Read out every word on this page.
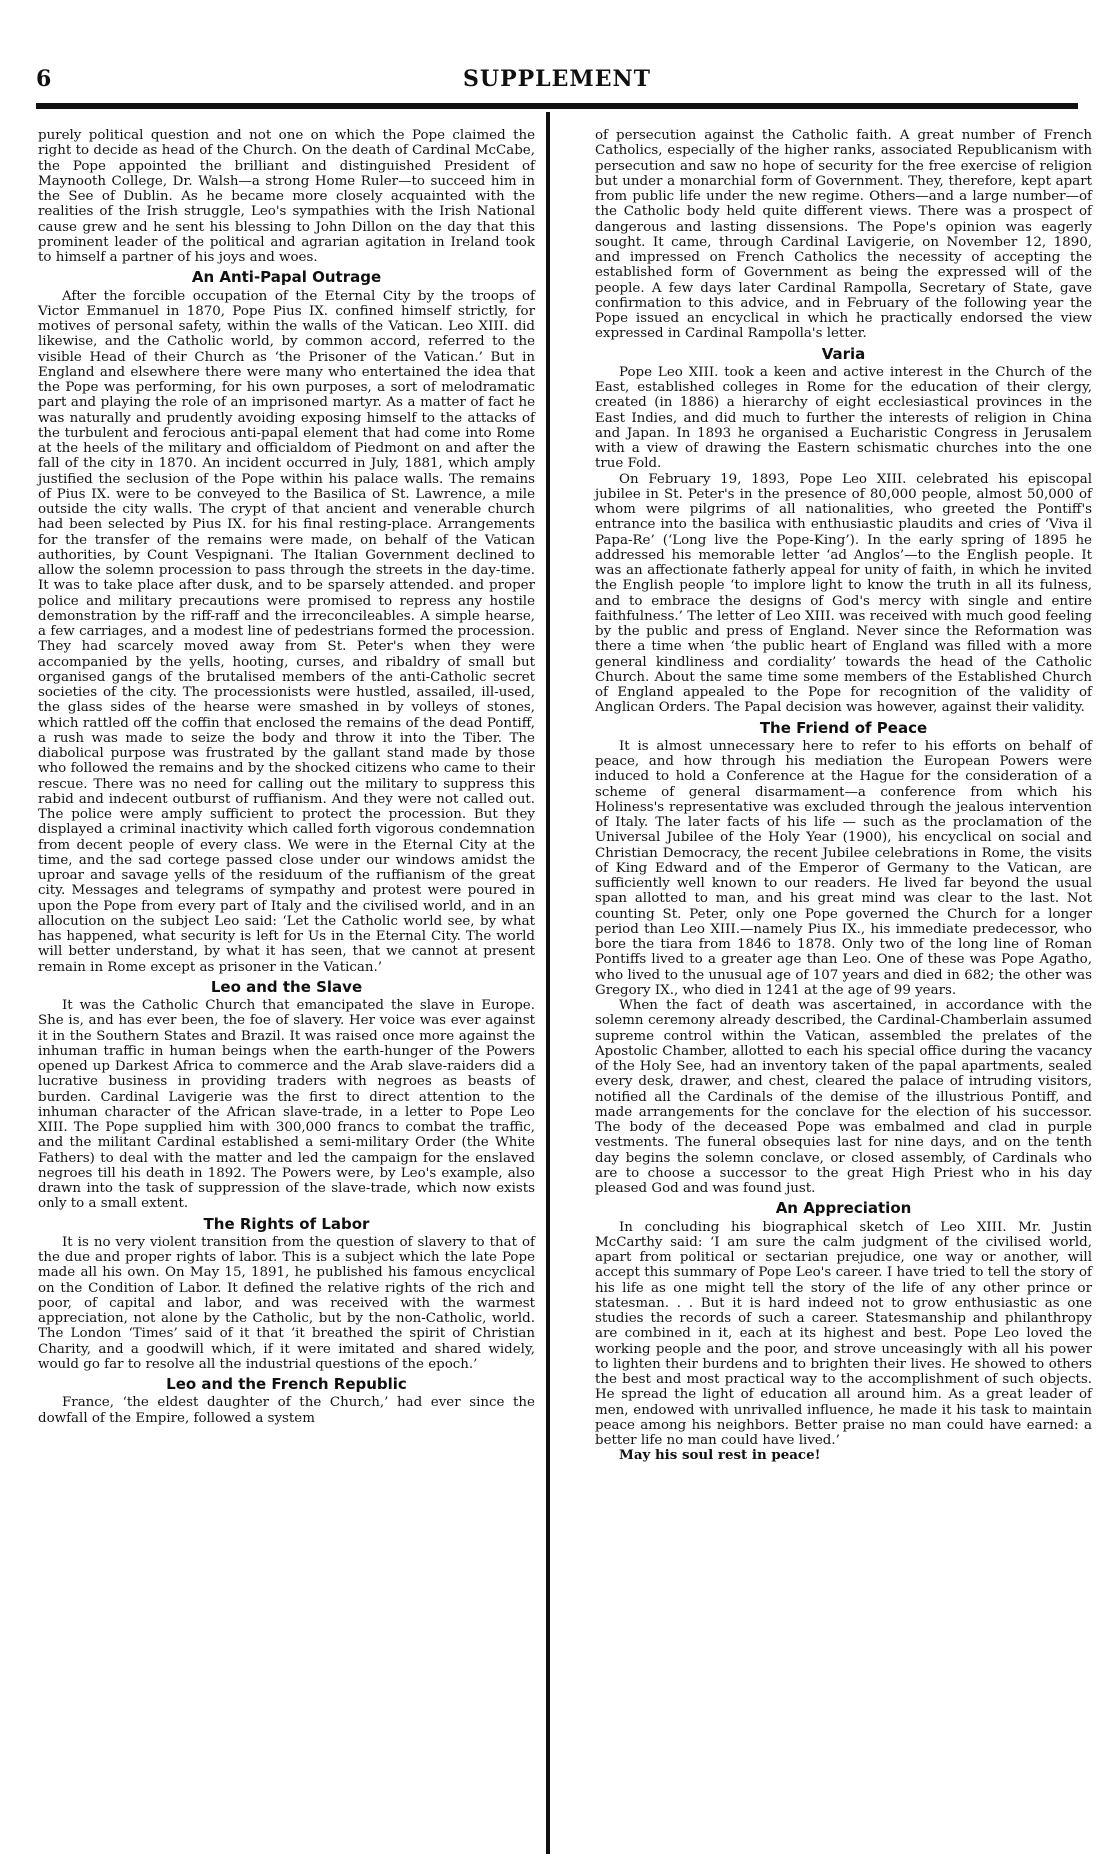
6	SUPPLEMENT

purely political question and not one on which the Pope claimed the right to decide as head of the Church. On the death of Cardinal McCabe, the Pope appointed the brilliant and distinguished President of Maynooth College, Dr. Walsh—a strong Home Ruler—to succeed him in the See of Dublin. As he became more closely acquainted with the realities of the Irish struggle, Leo's sympathies with the Irish National cause grew and he sent his blessing to John Dillon on the day that this prominent leader of the political and agrarian agitation in Ireland took to himself a partner of his joys and woes.

An Anti-Papal Outrage

After the forcible occupation of the Eternal City by the troops of Victor Emmanuel in 1870, Pope Pius IX. confined himself strictly, for motives of personal safety, within the walls of the Vatican. Leo XIII. did likewise, and the Catholic world, by common accord, referred to the visible Head of their Church as ‘the Prisoner of the Vatican.’ But in England and elsewhere there were many who entertained the idea that the Pope was performing, for his own purposes, a sort of melodramatic part and playing the role of an imprisoned martyr. As a matter of fact he was naturally and prudently avoiding exposing himself to the attacks of the turbulent and ferocious anti-papal element that had come into Rome at the heels of the military and officialdom of Piedmont on and after the fall of the city in 1870. An incident occurred in July, 1881, which amply justified the seclusion of the Pope within his palace walls. The remains of Pius IX. were to be conveyed to the Basilica of St. Lawrence, a mile outside the city walls. The crypt of that ancient and venerable church had been selected by Pius IX. for his final resting-place. Arrangements for the transfer of the remains were made, on behalf of the Vatican authorities, by Count Vespignani. The Italian Government declined to allow the solemn procession to pass through the streets in the day-time. It was to take place after dusk, and to be sparsely attended. and proper police and military precautions were promised to repress any hostile demonstration by the riff-raff and the irreconcileables. A simple hearse, a few carriages, and a modest line of pedestrians formed the procession. They had scarcely moved away from St. Peter's when they were accompanied by the yells, hooting, curses, and ribaldry of small but organised gangs of the brutalised members of the anti-Catholic secret societies of the city. The processionists were hustled, assailed, ill-used, the glass sides of the hearse were smashed in by volleys of stones, which rattled off the coffin that enclosed the remains of the dead Pontiff, a rush was made to seize the body and throw it into the Tiber. The diabolical purpose was frustrated by the gallant stand made by those who followed the remains and by the shocked citizens who came to their rescue. There was no need for calling out the military to suppress this rabid and indecent outburst of ruffianism. And they were not called out. The police were amply sufficient to protect the procession. But they displayed a criminal inactivity which called forth vigorous condemnation from decent people of every class. We were in the Eternal City at the time, and the sad cortege passed close under our windows amidst the uproar and savage yells of the residuum of the ruffianism of the great city. Messages and telegrams of sympathy and protest were poured in upon the Pope from every part of Italy and the civilised world, and in an allocution on the subject Leo said: ‘Let the Catholic world see, by what has happened, what security is left for Us in the Eternal City. The world will better understand, by what it has seen, that we cannot at present remain in Rome except as prisoner in the Vatican.’

Leo and the Slave

It was the Catholic Church that emancipated the slave in Europe. She is, and has ever been, the foe of slavery. Her voice was ever against it in the Southern States and Brazil. It was raised once more against the inhuman traffic in human beings when the earth-hunger of the Powers opened up Darkest Africa to commerce and the Arab slave-raiders did a lucrative business in providing traders with negroes as beasts of burden. Cardinal Lavigerie was the first to direct attention to the inhuman character of the African slave-trade, in a letter to Pope Leo XIII. The Pope supplied him with 300,000 francs to combat the traffic, and the militant Cardinal established a semi-military Order (the White Fathers) to deal with the matter and led the campaign for the enslaved negroes till his death in 1892. The Powers were, by Leo's example, also drawn into the task of suppression of the slave-trade, which now exists only to a small extent.

The Rights of Labor

It is no very violent transition from the question of slavery to that of the due and proper rights of labor. This is a subject which the late Pope made all his own. On May 15, 1891, he published his famous encyclical on the Condition of Labor. It defined the relative rights of the rich and poor, of capital and labor, and was received with the warmest appreciation, not alone by the Catholic, but by the non-Catholic, world. The London ‘Times’ said of it that ‘it breathed the spirit of Christian Charity, and a goodwill which, if it were imitated and shared widely, would go far to resolve all the industrial questions of the epoch.’

Leo and the French Republic

France, ‘the eldest daughter of the Church,’ had ever since the dowfall of the Empire, followed a system

of persecution against the Catholic faith. A great number of French Catholics, especially of the higher ranks, associated Republicanism with persecution and saw no hope of security for the free exercise of religion but under a monarchial form of Government. They, therefore, kept apart from public life under the new regime. Others—and a large number—of the Catholic body held quite different views. There was a prospect of dangerous and lasting dissensions. The Pope's opinion was eagerly sought. It came, through Cardinal Lavigerie, on November 12, 1890, and impressed on French Catholics the necessity of accepting the established form of Government as being the expressed will of the people. A few days later Cardinal Rampolla, Secretary of State, gave confirmation to this advice, and in February of the following year the Pope issued an encyclical in which he practically endorsed the view expressed in Cardinal Rampolla's letter.

Varia

Pope Leo XIII. took a keen and active interest in the Church of the East, established colleges in Rome for the education of their clergy, created (in 1886) a hierarchy of eight ecclesiastical provinces in the East Indies, and did much to further the interests of religion in China and Japan. In 1893 he organised a Eucharistic Congress in Jerusalem with a view of drawing the Eastern schismatic churches into the one true Fold.

On February 19, 1893, Pope Leo XIII. celebrated his episcopal jubilee in St. Peter's in the presence of 80,000 people, almost 50,000 of whom were pilgrims of all nationalities, who greeted the Pontiff's entrance into the basilica with enthusiastic plaudits and cries of ‘Viva il Papa-Re’ (‘Long live the Pope-King’). In the early spring of 1895 he addressed his memorable letter ‘ad Anglos’—to the English people. It was an affectionate fatherly appeal for unity of faith, in which he invited the English people ‘to implore light to know the truth in all its fulness, and to embrace the designs of God's mercy with single and entire faithfulness.’ The letter of Leo XIII. was received with much good feeling by the public and press of England. Never since the Reformation was there a time when ‘the public heart of England was filled with a more general kindliness and cordiality’ towards the head of the Catholic Church. About the same time some members of the Established Church of England appealed to the Pope for recognition of the validity of Anglican Orders. The Papal decision was however, against their validity.

The Friend of Peace

It is almost unnecessary here to refer to his efforts on behalf of peace, and how through his mediation the European Powers were induced to hold a Conference at the Hague for the consideration of a scheme of general disarmament—a conference from which his Holiness's representative was excluded through the jealous intervention of Italy. The later facts of his life — such as the proclamation of the Universal Jubilee of the Holy Year (1900), his encyclical on social and Christian Democracy, the recent Jubilee celebrations in Rome, the visits of King Edward and of the Emperor of Germany to the Vatican, are sufficiently well known to our readers. He lived far beyond the usual span allotted to man, and his great mind was clear to the last. Not counting St. Peter, only one Pope governed the Church for a longer period than Leo XIII.—namely Pius IX., his immediate predecessor, who bore the tiara from 1846 to 1878. Only two of the long line of Roman Pontiffs lived to a greater age than Leo. One of these was Pope Agatho, who lived to the unusual age of 107 years and died in 682; the other was Gregory IX., who died in 1241 at the age of 99 years.

When the fact of death was ascertained, in accordance with the solemn ceremony already described, the Cardinal-Chamberlain assumed supreme control within the Vatican, assembled the prelates of the Apostolic Chamber, allotted to each his special office during the vacancy of the Holy See, had an inventory taken of the papal apartments, sealed every desk, drawer, and chest, cleared the palace of intruding visitors, notified all the Cardinals of the demise of the illustrious Pontiff, and made arrangements for the conclave for the election of his successor. The body of the deceased Pope was embalmed and clad in purple vestments. The funeral obsequies last for nine days, and on the tenth day begins the solemn conclave, or closed assembly, of Cardinals who are to choose a successor to the great High Priest who in his day pleased God and was found just.

An Appreciation

In concluding his biographical sketch of Leo XIII. Mr. Justin McCarthy said: ‘I am sure the calm judgment of the civilised world, apart from political or sectarian prejudice, one way or another, will accept this summary of Pope Leo's career. I have tried to tell the story of his life as one might tell the story of the life of any other prince or statesman. . . But it is hard indeed not to grow enthusiastic as one studies the records of such a career. Statesmanship and philanthropy are combined in it, each at its highest and best. Pope Leo loved the working people and the poor, and strove unceasingly with all his power to lighten their burdens and to brighten their lives. He showed to others the best and most practical way to the accomplishment of such objects. He spread the light of education all around him. As a great leader of men, endowed with unrivalled influence, he made it his task to maintain peace among his neighbors. Better praise no man could have earned: a better life no man could have lived.’

May his soul rest in peace!
